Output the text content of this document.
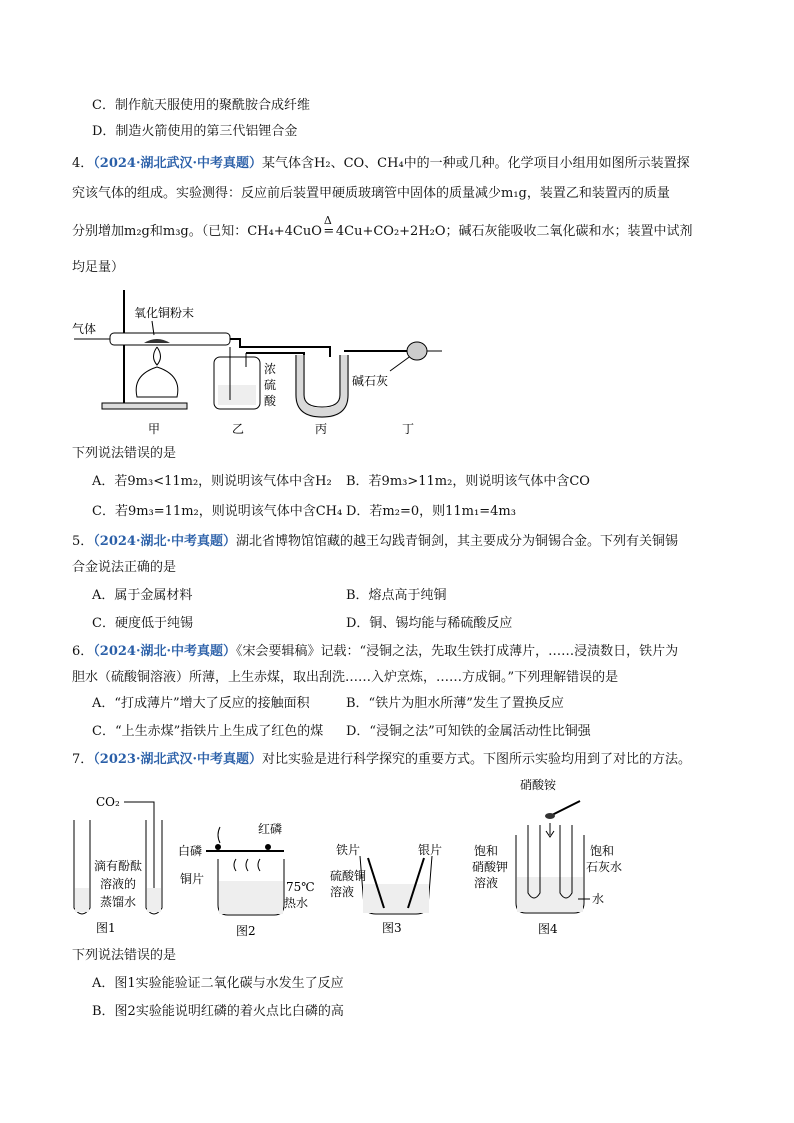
C．制作航天服使用的聚酰胺合成纤维
D．制造火箭使用的第三代铝锂合金
4．（2024·湖北武汉·中考真题）某气体含H₂、CO、CH₄中的一种或几种。化学项目小组用如图所示装置探
究该气体的组成。实验测得：反应前后装置甲硬质玻璃管中固体的质量减少m₁g，装置乙和装置丙的质量
分别增加m₂g和m₃g。（已知：CH₄+4CuO
Δ
= 4Cu+CO₂+2H₂O；碱石灰能吸收二氧化碳和水；装置中试剂
均足量）
气体
氧化铜粉末
浓
硫
酸
碱石灰
甲	乙	丙	丁
下列说法错误的是
A．若9m₃<11m₂，则说明该气体中含H₂ B．若9m₃>11m₂，则说明该气体中含CO
C．若9m₃=11m₂，则说明该气体中含CH₄ D．若m₂=0，则11m₁=4m₃
5．（2024·湖北·中考真题）湖北省博物馆馆藏的越王勾践青铜剑，其主要成分为铜锡合金。下列有关铜锡
合金说法正确的是
A．属于金属材料	B．熔点高于纯铜
C．硬度低于纯锡	D．铜、锡均能与稀硫酸反应
6．（2024·湖北·中考真题）《宋会要辑稿》记载：“浸铜之法，先取生铁打成薄片，……浸渍数日，铁片为
胆水（硫酸铜溶液）所薄，上生赤煤，取出刮洗……入炉烹炼，……方成铜。”下列理解错误的是
A．“打成薄片”增大了反应的接触面积	B．“铁片为胆水所薄”发生了置换反应
C．“上生赤煤”指铁片上生成了红色的煤 D．“浸铜之法”可知铁的金属活动性比铜强
7．（2023·湖北武汉·中考真题）对比实验是进行科学探究的重要方式。下图所示实验均用到了对比的方法。
CO₂
滴有酚酞
溶液的
蒸馏水
图1
红磷
白磷
铜片
75℃
热水
图2
铁片	银片
硫酸铜
溶液
图3
硝酸铵
饱和
硝酸钾
溶液
饱和
石灰水
水
图4
下列说法错误的是
A．图1实验能验证二氧化碳与水发生了反应
B．图2实验能说明红磷的着火点比白磷的高
